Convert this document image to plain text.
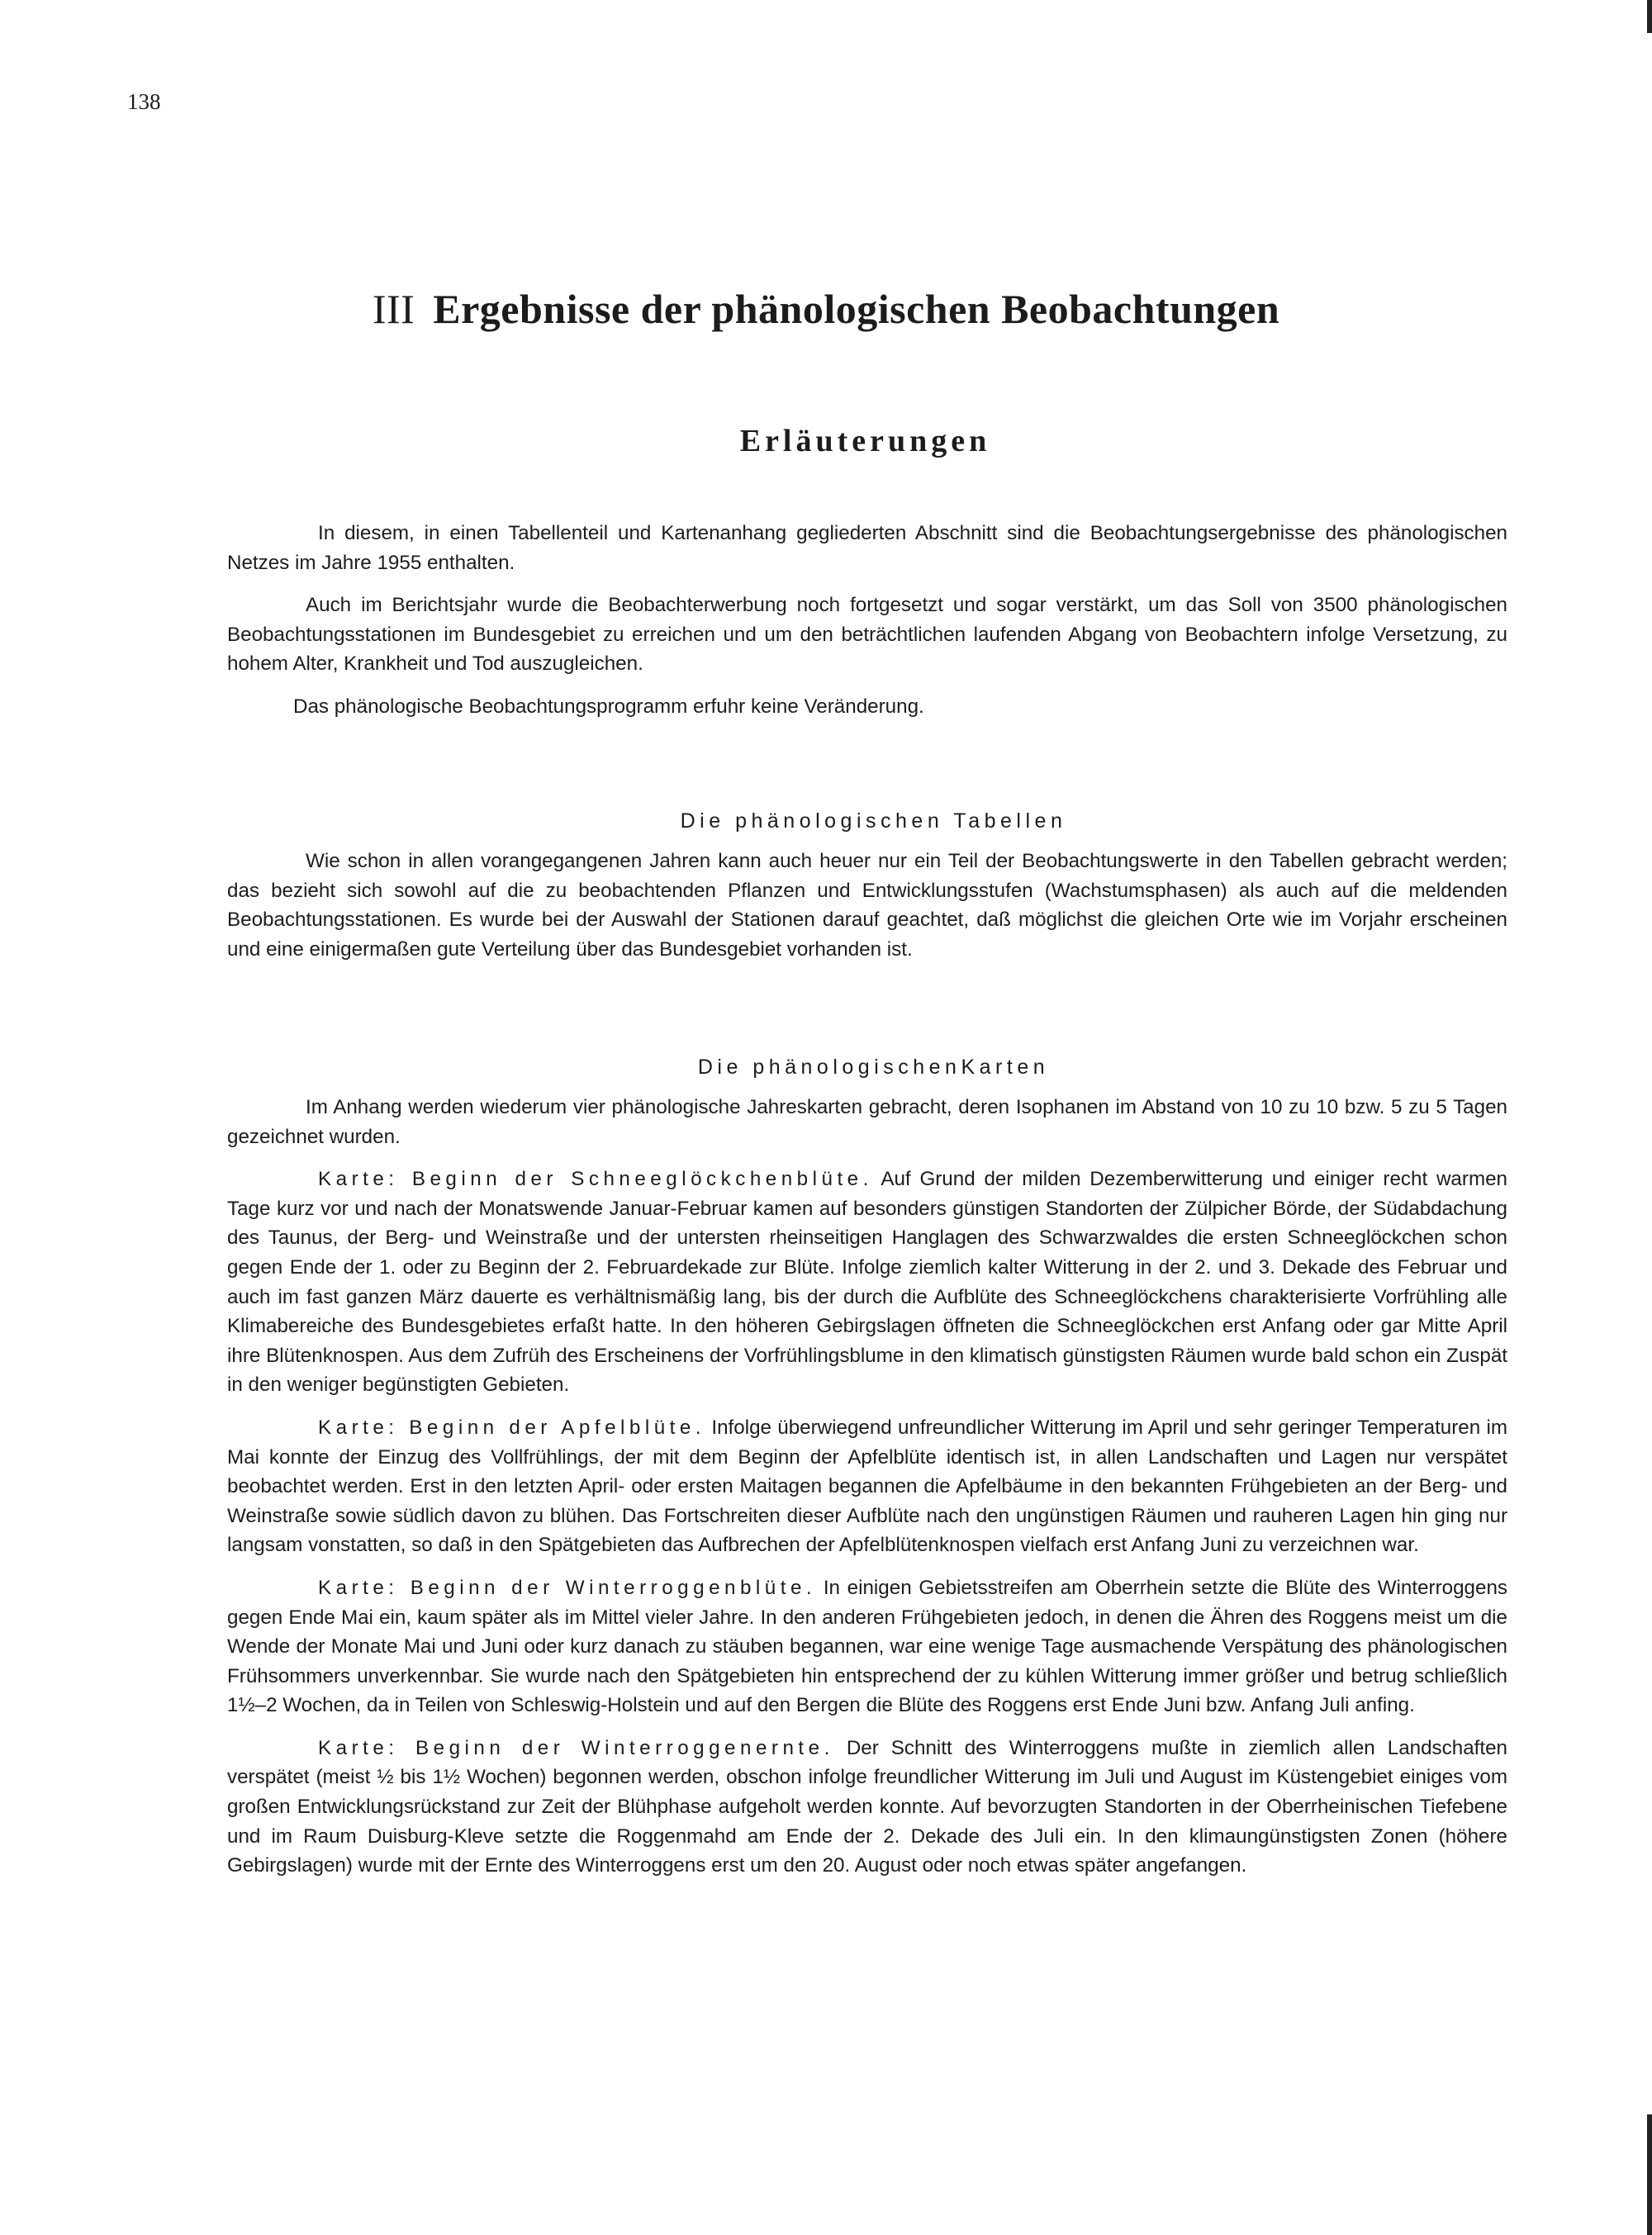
138
III Ergebnisse der phänologischen Beobachtungen
Erläuterungen

In diesem, in einen Tabellenteil und Kartenanhang gegliederten Abschnitt sind die Beobachtungsergebnisse des phänologischen Netzes im Jahre 1955 enthalten.

Auch im Berichtsjahr wurde die Beobachterwerbung noch fortgesetzt und sogar verstärkt, um das Soll von 3500 phänologischen Beobachtungsstationen im Bundesgebiet zu erreichen und um den beträchtlichen laufenden Abgang von Beobachtern infolge Versetzung, zu hohem Alter, Krankheit und Tod auszugleichen.

Das phänologische Beobachtungsprogramm erfuhr keine Veränderung.

Die phänologischen Tabellen

Wie schon in allen vorangegangenen Jahren kann auch heuer nur ein Teil der Beobachtungswerte in den Tabellen gebracht werden; das bezieht sich sowohl auf die zu beobachtenden Pflanzen und Entwicklungsstufen (Wachstumsphasen) als auch auf die meldenden Beobachtungsstationen. Es wurde bei der Auswahl der Stationen darauf geachtet, daß möglichst die gleichen Orte wie im Vorjahr erscheinen und eine einigermaßen gute Verteilung über das Bundesgebiet vorhanden ist.

Die phänologischenKarten

Im Anhang werden wiederum vier phänologische Jahreskarten gebracht, deren Isophanen im Abstand von 10 zu 10 bzw. 5 zu 5 Tagen gezeichnet wurden.

Karte: Beginn der Schneeglöckchenblüte. Auf Grund der milden Dezemberwitterung und einiger recht warmen Tage kurz vor und nach der Monatswende Januar-Februar kamen auf besonders günstigen Standorten der Zülpicher Börde, der Südabdachung des Taunus, der Berg- und Weinstraße und der untersten rheinseitigen Hanglagen des Schwarzwaldes die ersten Schneeglöckchen schon gegen Ende der 1. oder zu Beginn der 2. Februardekade zur Blüte. Infolge ziemlich kalter Witterung in der 2. und 3. Dekade des Februar und auch im fast ganzen März dauerte es verhältnismäßig lang, bis der durch die Aufblüte des Schneeglöckchens charakterisierte Vorfrühling alle Klimabereiche des Bundesgebietes erfaßt hatte. In den höheren Gebirgslagen öffneten die Schneeglöckchen erst Anfang oder gar Mitte April ihre Blütenknospen. Aus dem Zufrüh des Erscheinens der Vorfrühlingsblume in den klimatisch günstigsten Räumen wurde bald schon ein Zuspät in den weniger begünstigten Gebieten.

Karte: Beginn der Apfelblüte. Infolge überwiegend unfreundlicher Witterung im April und sehr geringer Temperaturen im Mai konnte der Einzug des Vollfrühlings, der mit dem Beginn der Apfelblüte identisch ist, in allen Landschaften und Lagen nur verspätet beobachtet werden. Erst in den letzten April- oder ersten Maitagen begannen die Apfelbäume in den bekannten Frühgebieten an der Berg- und Weinstraße sowie südlich davon zu blühen. Das Fortschreiten dieser Aufblüte nach den ungünstigen Räumen und rauheren Lagen hin ging nur langsam vonstatten, so daß in den Spätgebieten das Aufbrechen der Apfelblütenknospen vielfach erst Anfang Juni zu verzeichnen war.

Karte: Beginn der Winterroggenblüte. In einigen Gebietsstreifen am Oberrhein setzte die Blüte des Winterroggens gegen Ende Mai ein, kaum später als im Mittel vieler Jahre. In den anderen Frühgebieten jedoch, in denen die Ähren des Roggens meist um die Wende der Monate Mai und Juni oder kurz danach zu stäuben begannen, war eine wenige Tage ausmachende Verspätung des phänologischen Frühsommers unverkennbar. Sie wurde nach den Spätgebieten hin entsprechend der zu kühlen Witterung immer größer und betrug schließlich 1½–2 Wochen, da in Teilen von Schleswig-Holstein und auf den Bergen die Blüte des Roggens erst Ende Juni bzw. Anfang Juli anfing.

Karte: Beginn der Winterroggenernte. Der Schnitt des Winterroggens mußte in ziemlich allen Landschaften verspätet (meist ½ bis 1½ Wochen) begonnen werden, obschon infolge freundlicher Witterung im Juli und August im Küstengebiet einiges vom großen Entwicklungsrückstand zur Zeit der Blühphase aufgeholt werden konnte. Auf bevorzugten Standorten in der Oberrheinischen Tiefebene und im Raum Duisburg-Kleve setzte die Roggenmahd am Ende der 2. Dekade des Juli ein. In den klimaungünstigsten Zonen (höhere Gebirgslagen) wurde mit der Ernte des Winterroggens erst um den 20. August oder noch etwas später angefangen.
